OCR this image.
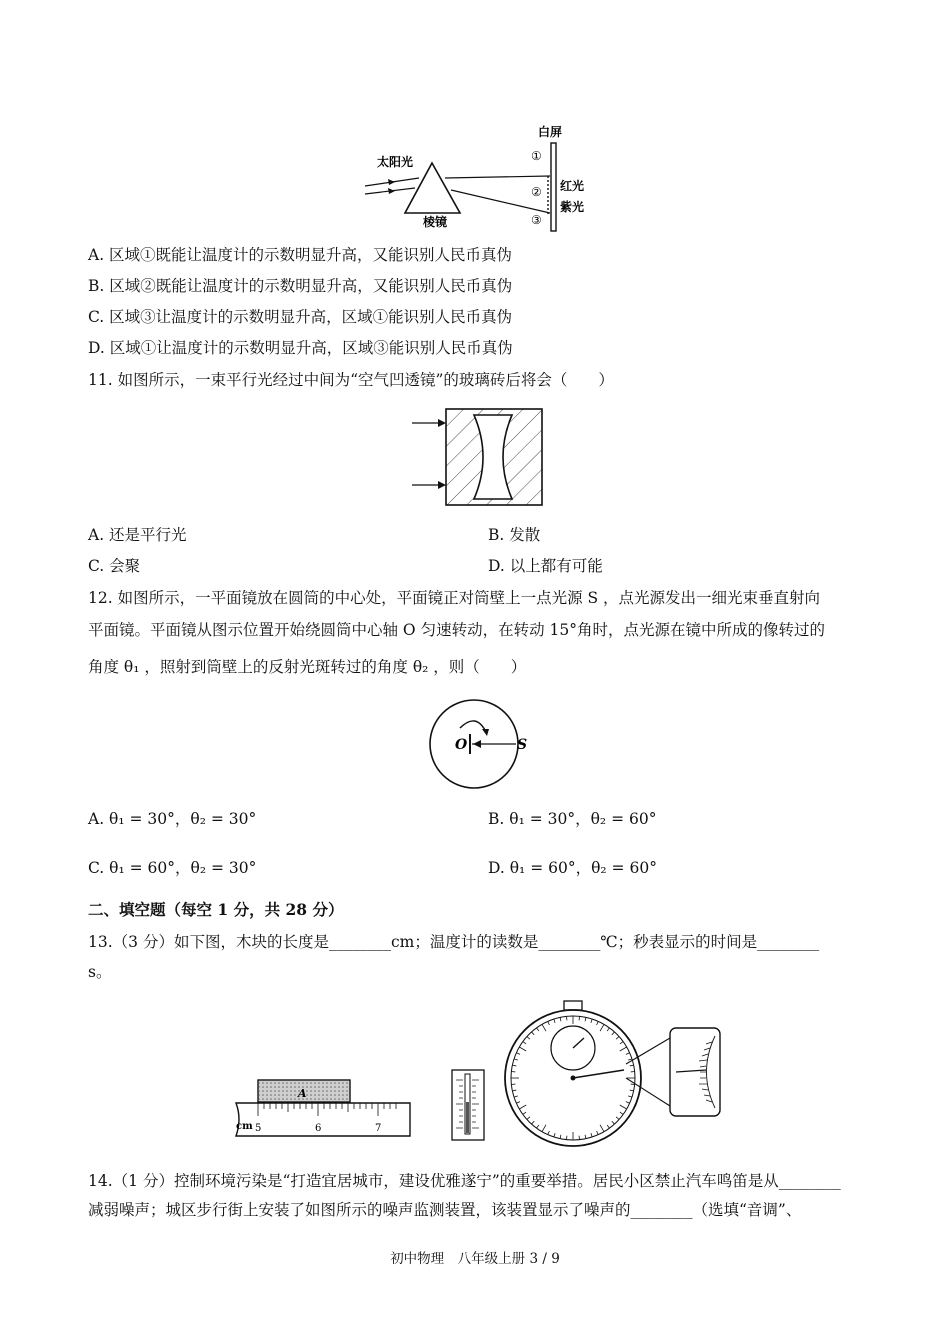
白屏
太阳光
棱镜
红光
紫光
①
②
③
A. 区域①既能让温度计的示数明显升高，又能识别人民币真伪
B. 区域②既能让温度计的示数明显升高，又能识别人民币真伪
C. 区域③让温度计的示数明显升高，区域①能识别人民币真伪
D. 区域①让温度计的示数明显升高，区域③能识别人民币真伪
11. 如图所示，一束平行光经过中间为“空气凹透镜”的玻璃砖后将会（　　）
A. 还是平行光	B. 发散
C. 会聚	D. 以上都有可能
12. 如图所示，一平面镜放在圆筒的中心处，平面镜正对筒壁上一点光源 S ，点光源发出一细光束垂直射向
平面镜。平面镜从图示位置开始绕圆筒中心轴 O 匀速转动，在转动 15°角时，点光源在镜中所成的像转过的
角度 θ₁ ，照射到筒壁上的反射光斑转过的角度 θ₂ ，则（　　）
O	S
A. θ₁ = 30°，θ₂ = 30°	B. θ₁ = 30°，θ₂ = 60°
C. θ₁ = 60°，θ₂ = 30°	D. θ₁ = 60°，θ₂ = 60°
二、填空题（每空 1 分，共 28 分）
13.（3 分）如下图，木块的长度是________cm；温度计的读数是________℃；秒表显示的时间是________
s。
A
cm 5	6	7
14.（1 分）控制环境污染是“打造宜居城市，建设优雅遂宁”的重要举措。居民小区禁止汽车鸣笛是从________
减弱噪声；城区步行街上安装了如图所示的噪声监测装置，该装置显示了噪声的________（选填“音调”、
初中物理　八年级上册 3 / 9
